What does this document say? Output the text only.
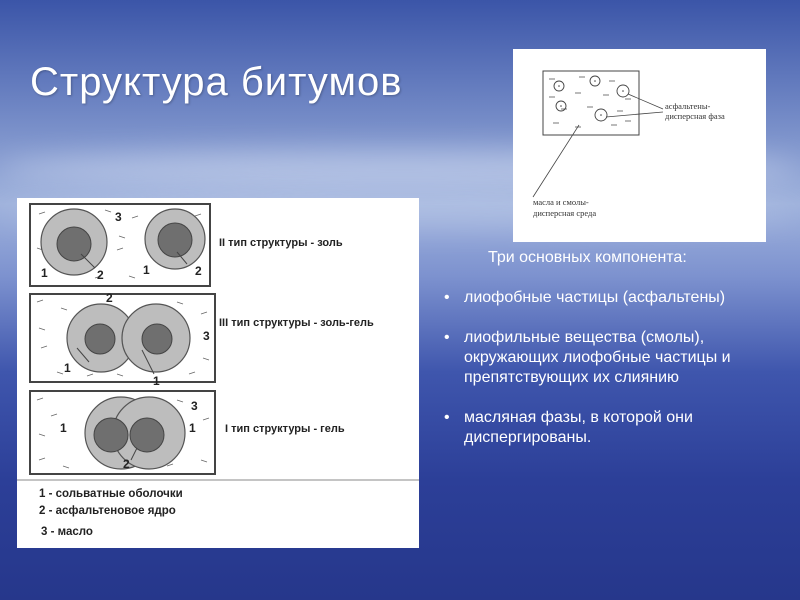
Структура битумов
асфальтены-
дисперсная фаза
масла и смолы-
дисперсная среда
3
1	2	1	2
II тип структуры - золь
2
3
1
1
III тип структуры - золь-гель
3
1
1
2
I тип структуры - гель
1 - сольватные оболочки
2 - асфальтеновое ядро
3 - масло
Три основных компонента:
• лиофобные частицы (асфальтены)
• лиофильные вещества (смолы), окружающих лиофобные частицы и препятствующих их слиянию
• масляная фазы, в которой они диспергированы.
